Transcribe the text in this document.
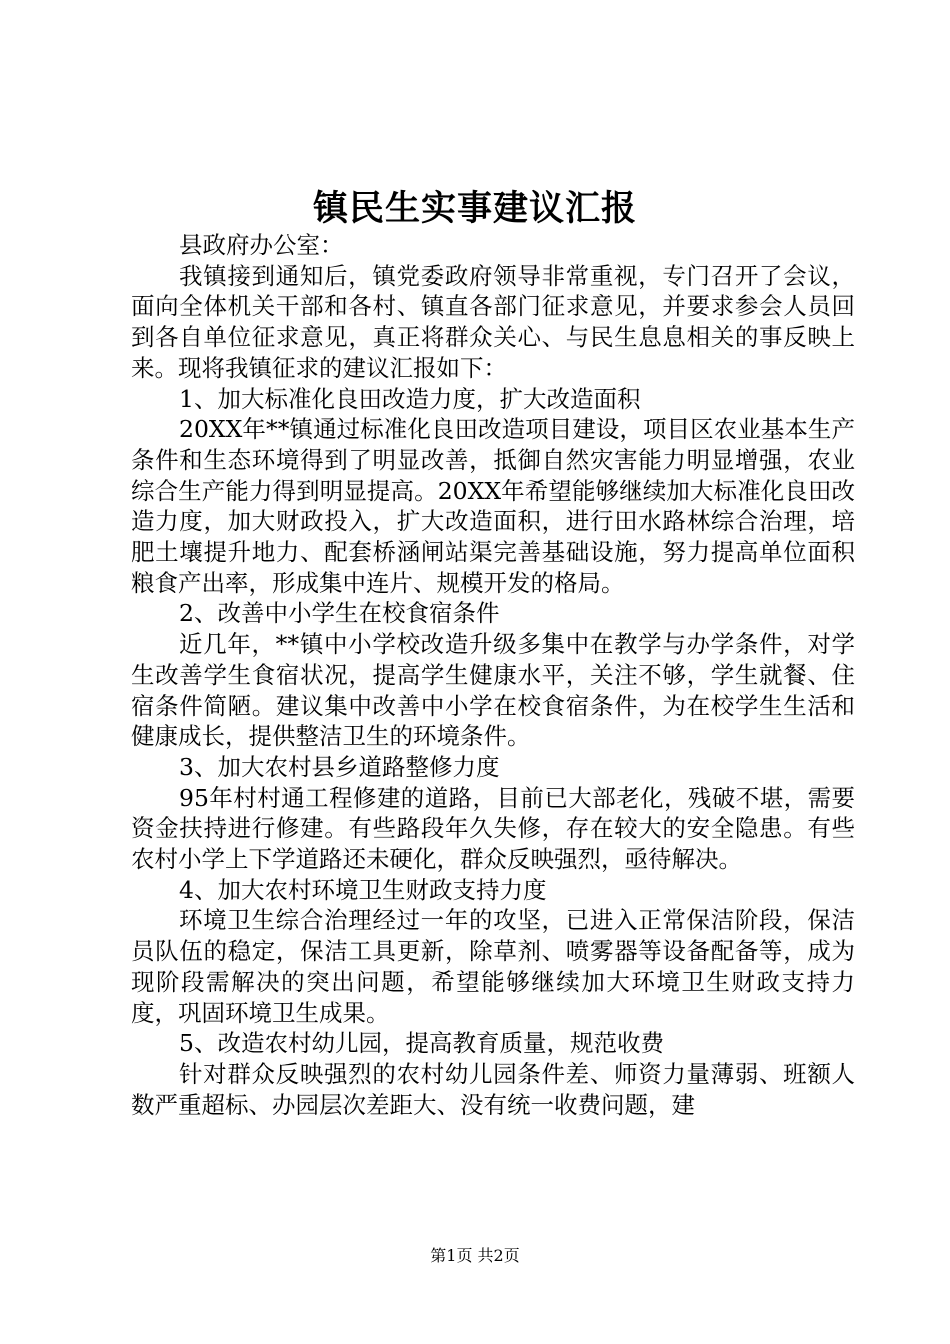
镇民生实事建议汇报

县政府办公室：

我镇接到通知后，镇党委政府领导非常重视，专门召开了会议，面向全体机关干部和各村、镇直各部门征求意见，并要求参会人员回到各自单位征求意见，真正将群众关心、与民生息息相关的事反映上来。现将我镇征求的建议汇报如下：

1、加大标准化良田改造力度，扩大改造面积

20XX年**镇通过标准化良田改造项目建设，项目区农业基本生产条件和生态环境得到了明显改善，抵御自然灾害能力明显增强，农业综合生产能力得到明显提高。20XX年希望能够继续加大标准化良田改造力度，加大财政投入，扩大改造面积，进行田水路林综合治理，培肥土壤提升地力、配套桥涵闸站渠完善基础设施，努力提高单位面积粮食产出率，形成集中连片、规模开发的格局。

2、改善中小学生在校食宿条件

近几年，**镇中小学校改造升级多集中在教学与办学条件，对学生改善学生食宿状况，提高学生健康水平，关注不够，学生就餐、住宿条件简陋。建议集中改善中小学在校食宿条件，为在校学生生活和健康成长，提供整洁卫生的环境条件。

3、加大农村县乡道路整修力度

95年村村通工程修建的道路，目前已大部老化，残破不堪，需要资金扶持进行修建。有些路段年久失修，存在较大的安全隐患。有些农村小学上下学道路还未硬化，群众反映强烈，亟待解决。

4、加大农村环境卫生财政支持力度

环境卫生综合治理经过一年的攻坚，已进入正常保洁阶段，保洁员队伍的稳定，保洁工具更新，除草剂、喷雾器等设备配备等，成为现阶段需解决的突出问题，希望能够继续加大环境卫生财政支持力度，巩固环境卫生成果。

5、改造农村幼儿园，提高教育质量，规范收费

针对群众反映强烈的农村幼儿园条件差、师资力量薄弱、班额人数严重超标、办园层次差距大、没有统一收费问题，建

第1页 共2页
